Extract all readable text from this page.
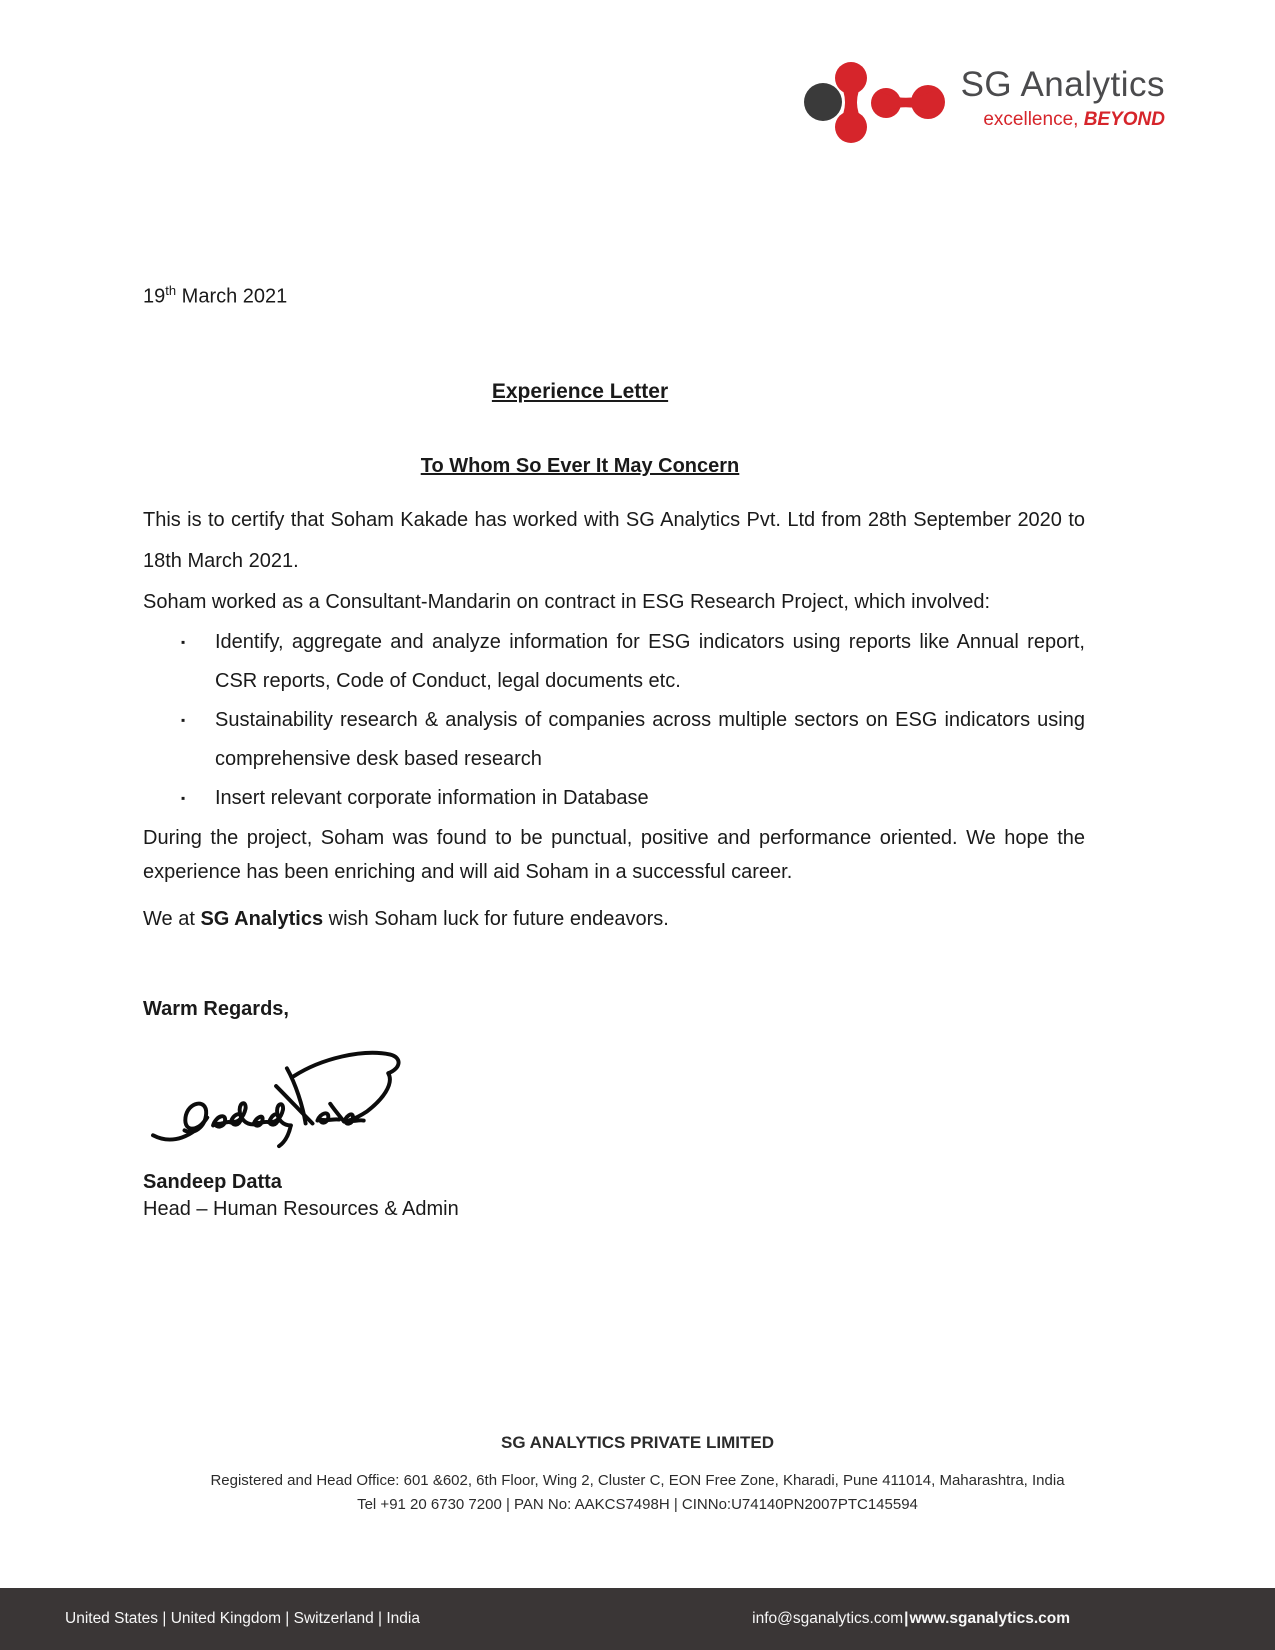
SG Analytics
excellence, BEYOND
19th March 2021
Experience Letter
To Whom So Ever It May Concern
This is to certify that Soham Kakade has worked with SG Analytics Pvt. Ltd from 28th September 2020 to 18th March 2021.
Soham worked as a Consultant-Mandarin on contract in ESG Research Project, which involved:
▪ Identify, aggregate and analyze information for ESG indicators using reports like Annual report, CSR reports, Code of Conduct, legal documents etc.
▪ Sustainability research & analysis of companies across multiple sectors on ESG indicators using comprehensive desk based research
▪ Insert relevant corporate information in Database
During the project, Soham was found to be punctual, positive and performance oriented. We hope the experience has been enriching and will aid Soham in a successful career.
We at SG Analytics wish Soham luck for future endeavors.
Warm Regards,
Sandeep Datta
Head – Human Resources & Admin
SG ANALYTICS PRIVATE LIMITED
Registered and Head Office: 601 &602, 6th Floor, Wing 2, Cluster C, EON Free Zone, Kharadi, Pune 411014, Maharashtra, India
Tel +91 20 6730 7200 | PAN No: AAKCS7498H | CINNo:U74140PN2007PTC145594
United States | United Kingdom | Switzerland | India	info@sganalytics.com|www.sganalytics.com
